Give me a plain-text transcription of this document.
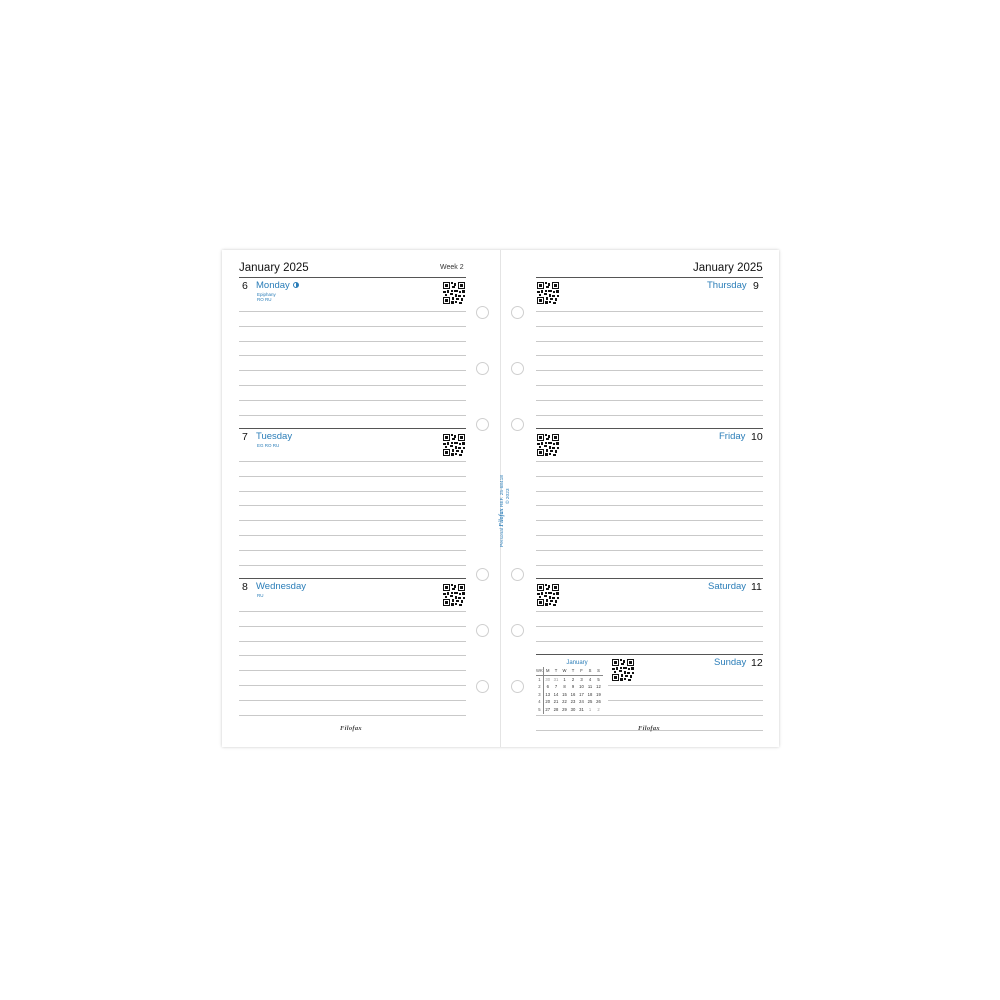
January 2025	Week 2
6 Monday
Epiphany
RO RU
7 Tuesday
EG RO RU
8 Wednesday
RU
Filofax
January 2025
Thursday 9
Friday 10
Personal Filofax REF. 25-68418 © 2023
Saturday 11
January
WK	M	T	W	T	F	S	S
1	30	31	1	2	3	4	5
2	6	7	8	9	10	11	12
3	13	14	15	16	17	18	19
4	20	21	22	23	24	25	26
5	27	28	29	30	31	1	2
Sunday 12
Filofax
